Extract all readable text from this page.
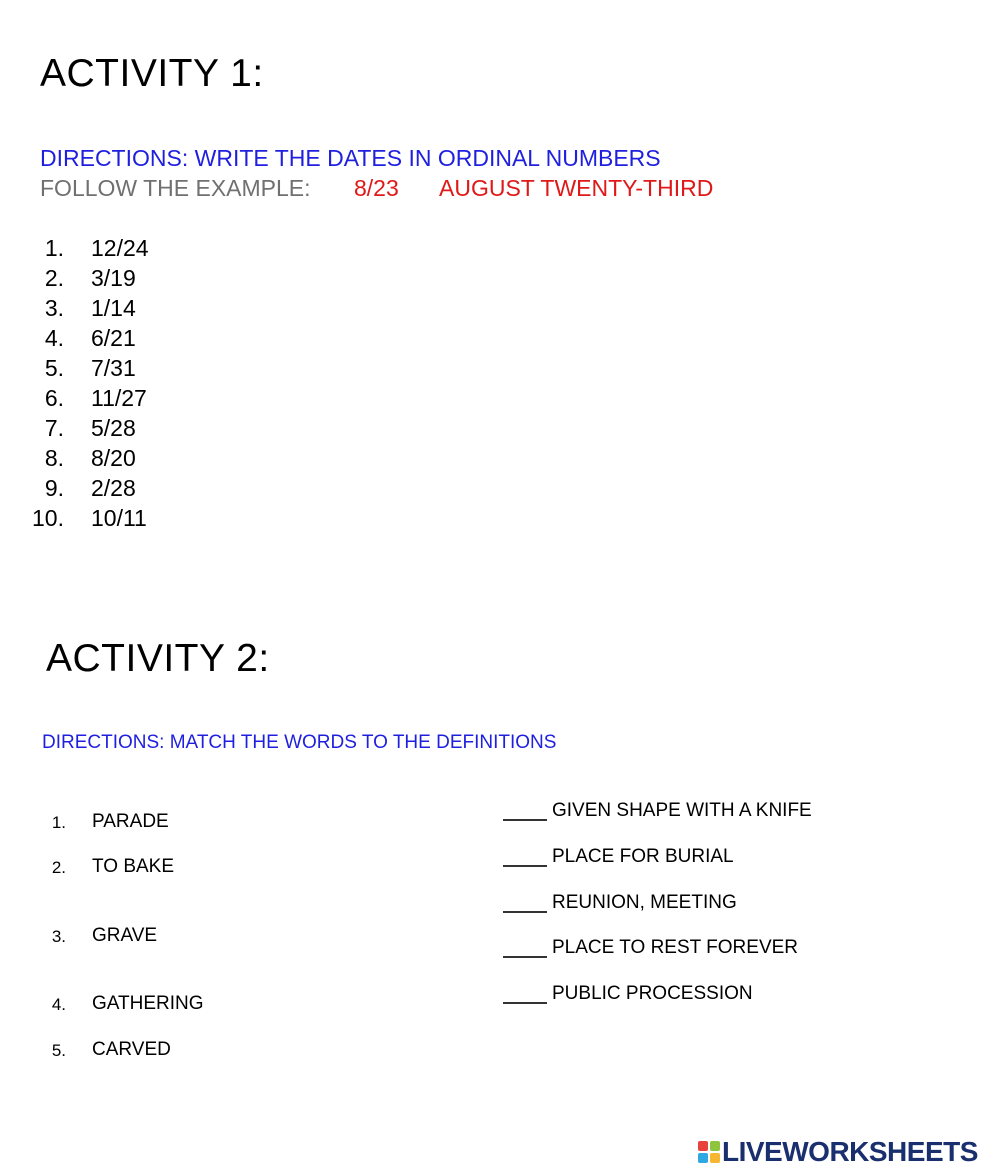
ACTIVITY 1:
DIRECTIONS: WRITE THE DATES IN ORDINAL NUMBERS
FOLLOW THE EXAMPLE: 8/23 AUGUST TWENTY-THIRD
1. 12/24
2. 3/19
3. 1/14
4. 6/21
5. 7/31
6. 11/27
7. 5/28
8. 8/20
9. 2/28
10. 10/11
ACTIVITY 2:
DIRECTIONS: MATCH THE WORDS TO THE DEFINITIONS
1. PARADE
2. TO BAKE
3. GRAVE
4. GATHERING
5. CARVED
GIVEN SHAPE WITH A KNIFE
PLACE FOR BURIAL
REUNION, MEETING
PLACE TO REST FOREVER
PUBLIC PROCESSION
LIVEWORKSHEETS
